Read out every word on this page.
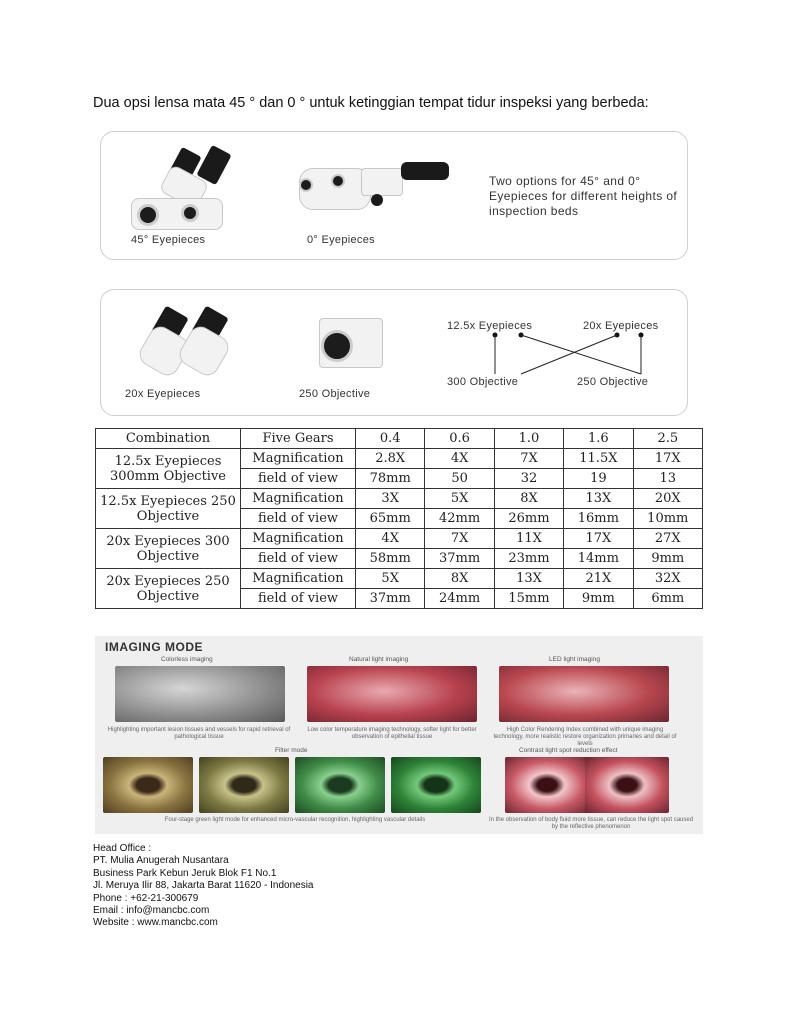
Dua opsi lensa mata 45 ° dan 0 ° untuk ketinggian tempat tidur inspeksi yang berbeda:
45° Eyepieces	0° Eyepieces
Two options for 45° and 0° Eyepieces for different heights of inspection beds
20x Eyepieces	250 Objective
12.5x Eyepieces	20x Eyepieces
300 Objective	250 Objective
Combination	Five Gears	0.4	0.6	1.0	1.6	2.5
12.5x Eyepieces 300mm Objective	Magnification	2.8X	4X	7X	11.5X	17X
	field of view	78mm	50	32	19	13
12.5x Eyepieces 250 Objective	Magnification	3X	5X	8X	13X	20X
	field of view	65mm	42mm	26mm	16mm	10mm
20x Eyepieces 300 Objective	Magnification	4X	7X	11X	17X	27X
	field of view	58mm	37mm	23mm	14mm	9mm
20x Eyepieces 250 Objective	Magnification	5X	8X	13X	21X	32X
	field of view	37mm	24mm	15mm	9mm	6mm
IMAGING MODE
Colorless imaging	Natural light imaging	LED light imaging
Highlighting important lesion tissues and vessels for rapid retrieval of pathological tissue
Low color temperature imaging technology, softer light for better observation of epithelial tissue
High Color Rendering Index combined with unique imaging technology, more realistic restore organization primaries and detail of levels
Filter mode	Contrast light spot reduction effect
Four-stage green light mode for enhanced micro-vascular recognition, highlighting vascular details	In the observation of body fluid more tissue, can reduce the light spot caused by the reflective phenomenon
Head Office :
PT. Mulia Anugerah Nusantara
Business Park Kebun Jeruk Blok F1 No.1
Jl. Meruya Ilir 88, Jakarta Barat 11620 - Indonesia
Phone : +62-21-300679
Email : info@mancbc.com
Website : www.mancbc.com
